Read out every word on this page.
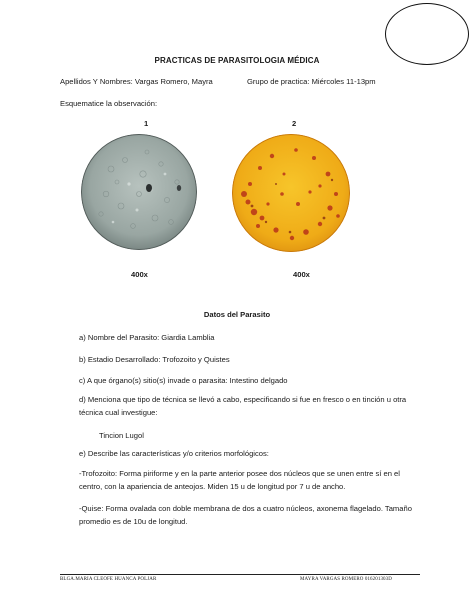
PRACTICAS DE PARASITOLOGIA MÉDICA
Apellidos Y Nombres: Vargas Romero, Mayra	Grupo de practica: Miércoles 11-13pm
Esquematice la observación:
1	2
400x	400x
Datos del Parasito
a) Nombre del Parasito: Giardia Lamblia
b) Estadio Desarrollado: Trofozoito y Quistes
c) A que órgano(s) sitio(s) invade o parasita: Intestino delgado
d) Menciona que tipo de técnica se llevó a cabo, especificando si fue en fresco o en tinción u otra técnica cual investigue:
Tincion Lugol
e) Describe las características y/o criterios morfológicos:
-Trofozoito: Forma piriforme y en la parte anterior posee dos núcleos que se unen entre sí en el centro, con la apariencia de anteojos. Miden 15 u de longitud por 7 u de ancho.
-Quise: Forma ovalada con doble membrana de dos a cuatro núcleos, axonema flagelado. Tamaño promedio es de 10u de longitud.
BLGA.MARIA CLEOFE HUANCA POLJAR	MAYRA VARGAS ROMERO 016201303D
